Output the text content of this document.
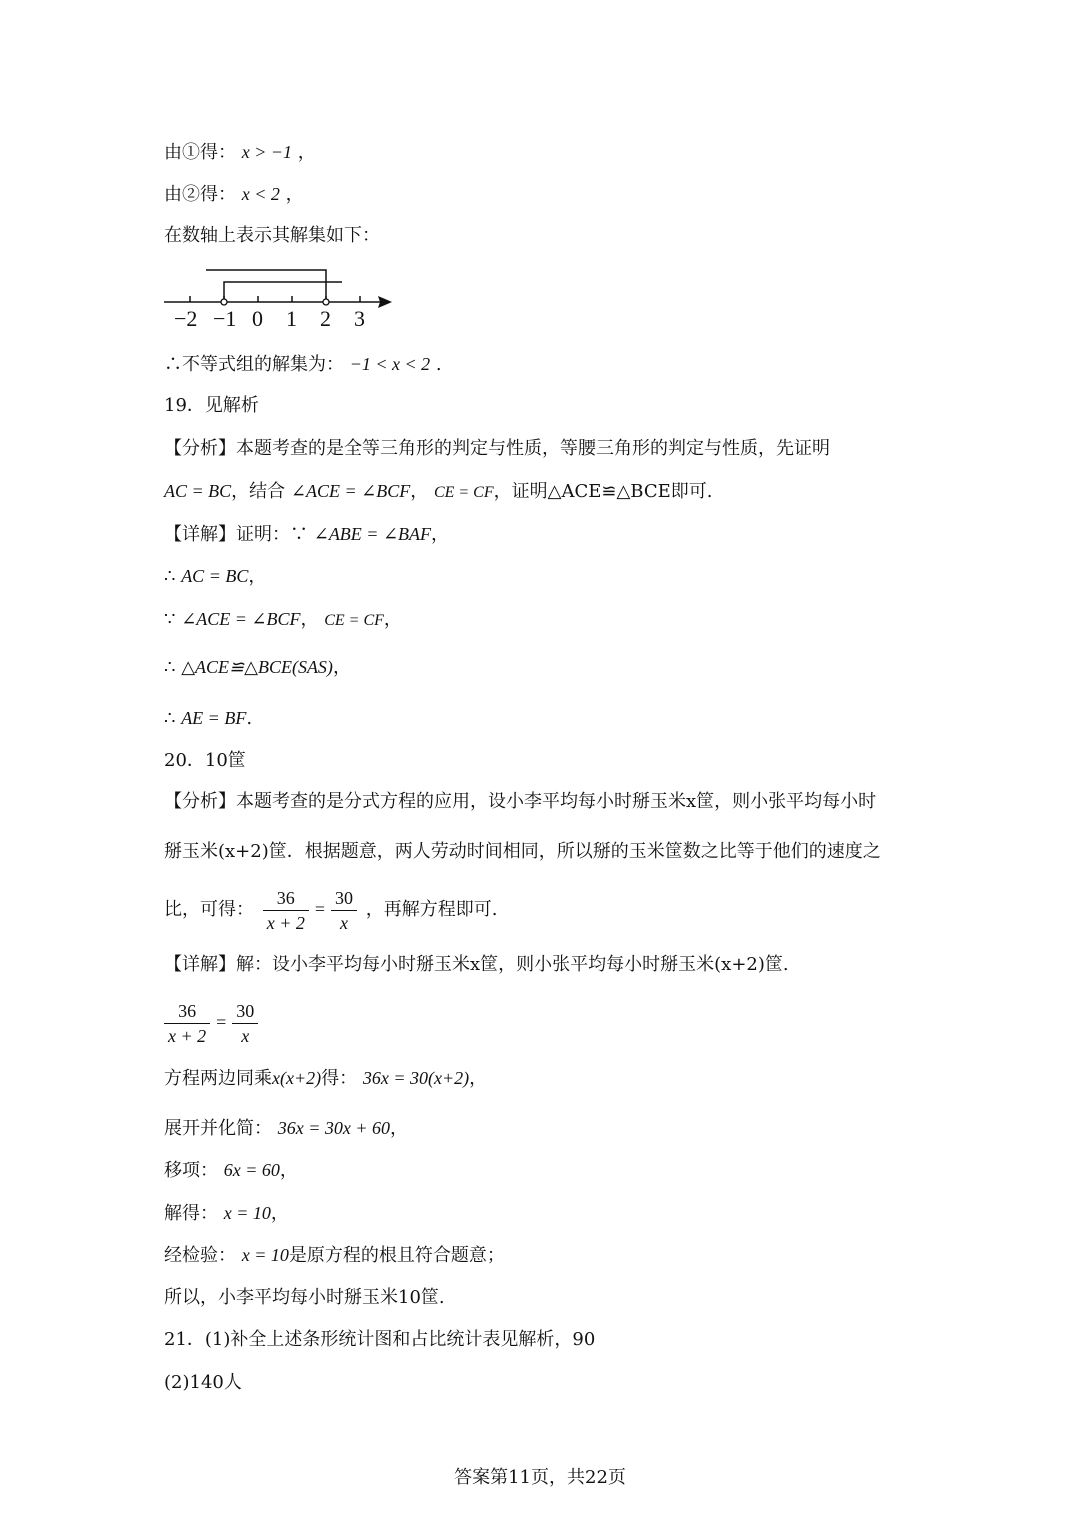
由①得： x > −1 ，
由②得： x < 2 ，
在数轴上表示其解集如下：
−2 −1 0 1 2 3
∴不等式组的解集为： −1 < x < 2 .
19．见解析
【分析】本题考查的是全等三角形的判定与性质，等腰三角形的判定与性质，先证明
AC = BC，结合 ∠ACE = ∠BCF， CE = CF，证明△ACE≌△BCE即可.
【详解】证明：∵ ∠ABE = ∠BAF，
∴ AC = BC，
∵ ∠ACE = ∠BCF， CE = CF，
∴ △ACE≌△BCE(SAS)，
∴ AE = BF.
20．10筐
【分析】本题考查的是分式方程的应用，设小李平均每小时掰玉米x筐，则小张平均每小时
掰玉米(x+2)筐．根据题意，两人劳动时间相同，所以掰的玉米筐数之比等于他们的速度之
比，可得： $\frac{36}{x + 2} = \frac{30}{x}$ ，再解方程即可.
【详解】解：设小李平均每小时掰玉米x筐，则小张平均每小时掰玉米(x+2)筐.
$\frac{36}{x + 2} = \frac{30}{x}$
方程两边同乘x(x+2)得： 36x = 30(x+2)，
展开并化简： 36x = 30x + 60，
移项： 6x = 60，
解得： x = 10，
经检验： x = 10是原方程的根且符合题意；
所以，小李平均每小时掰玉米10筐.
21．(1)补全上述条形统计图和占比统计表见解析，90
(2)140人
答案第11页，共22页
